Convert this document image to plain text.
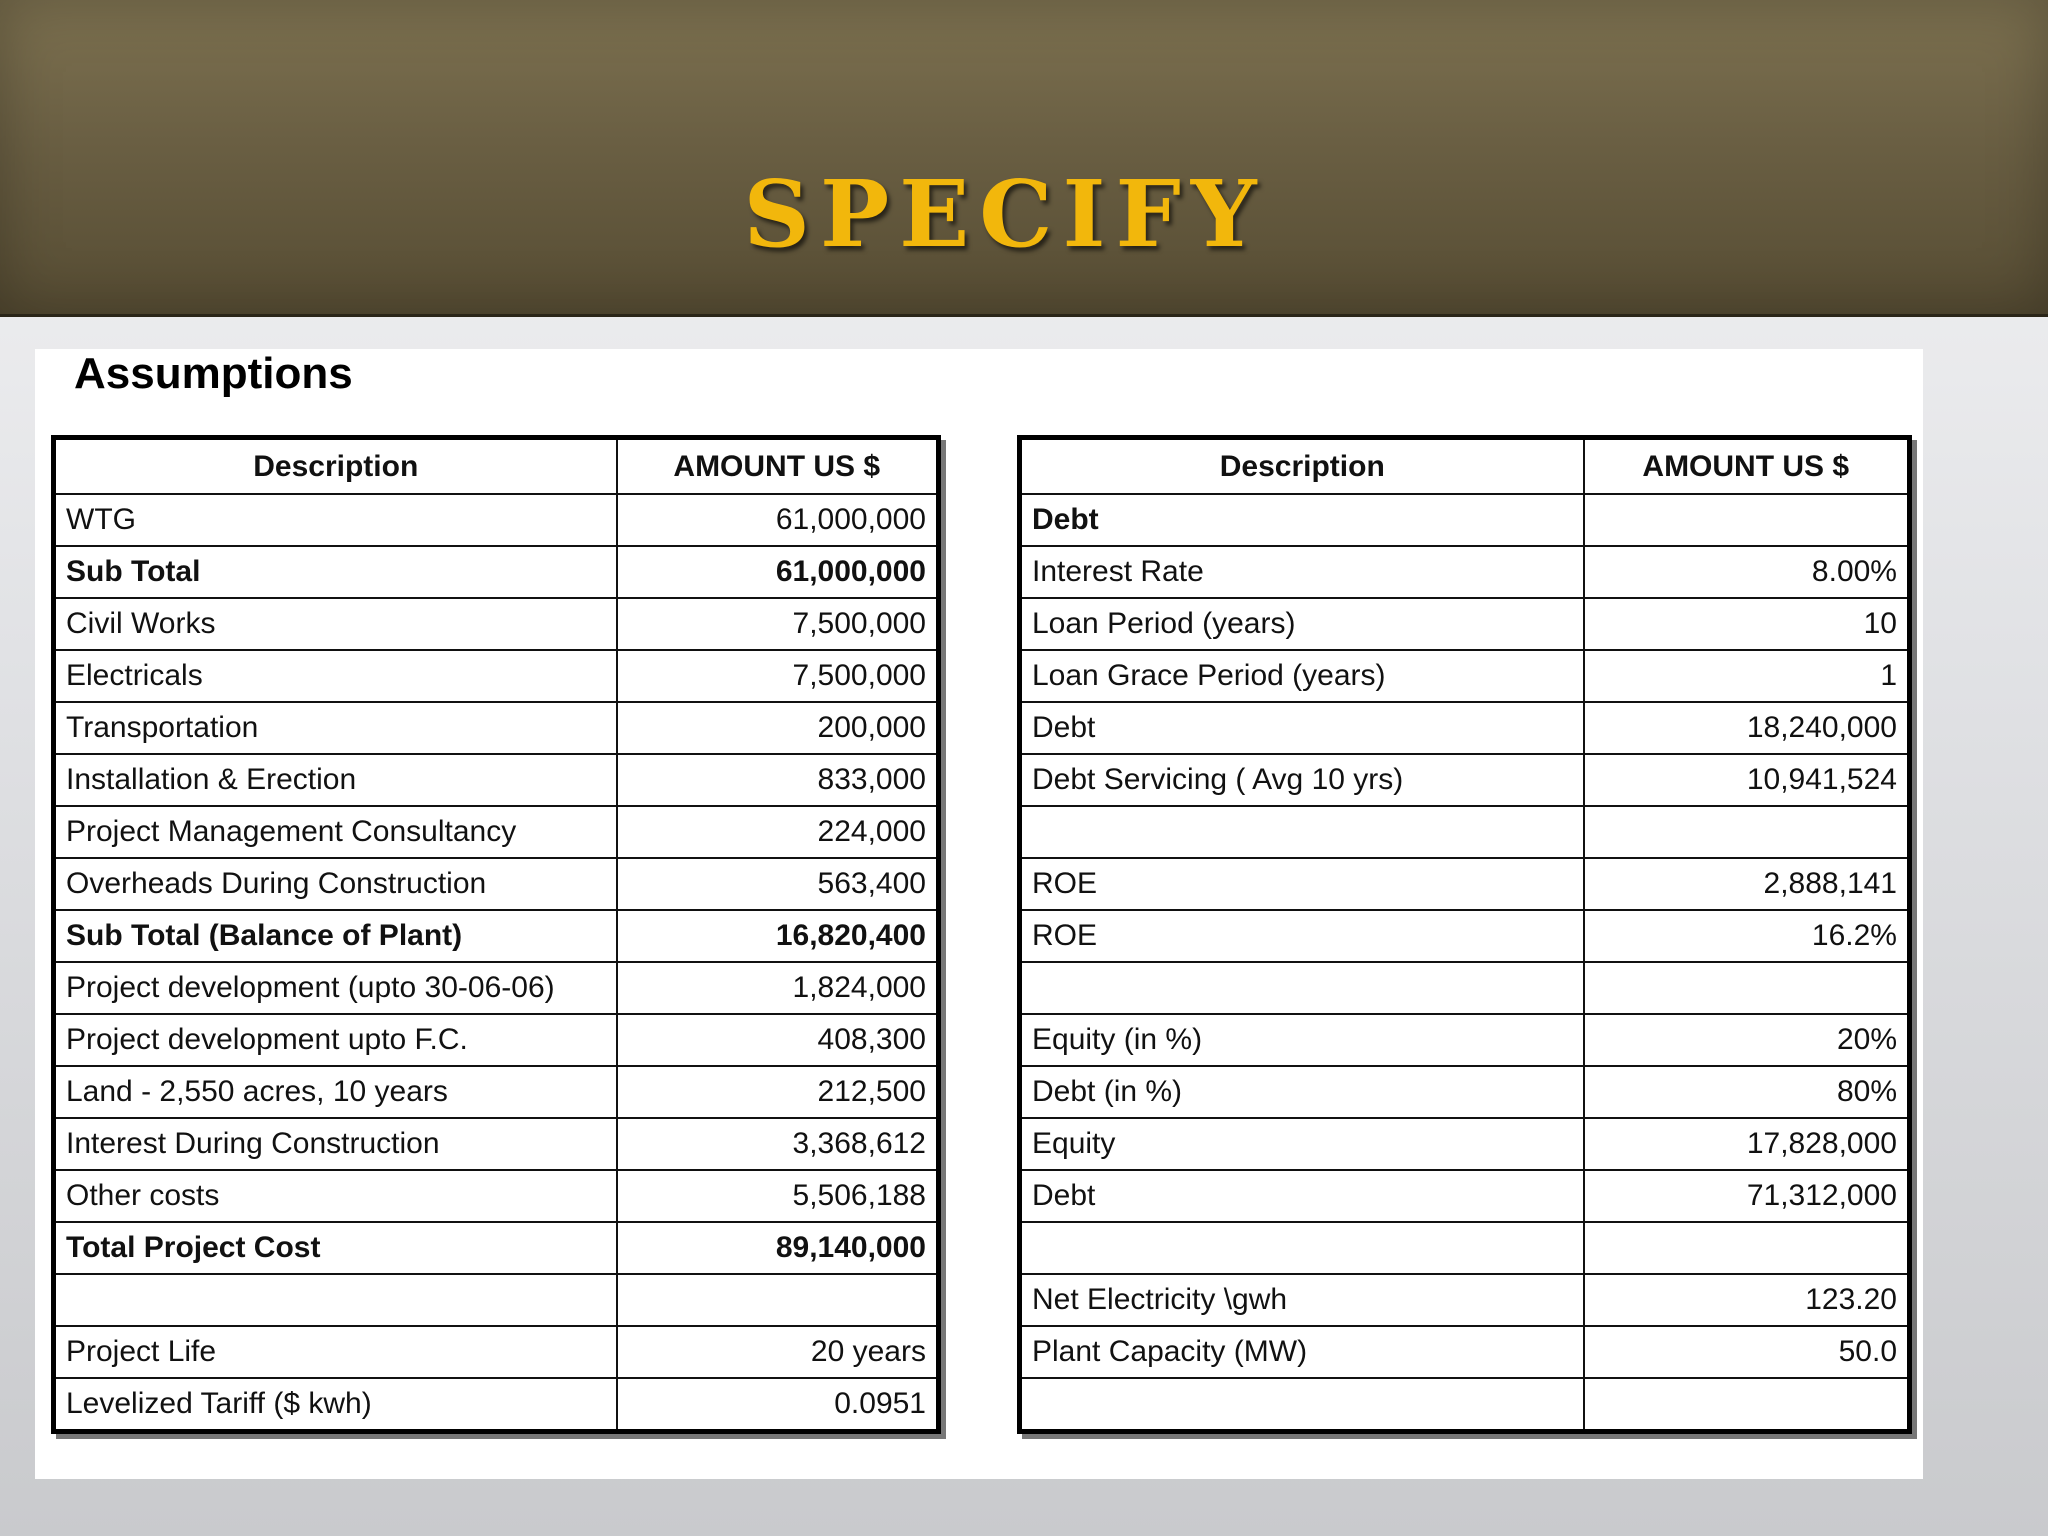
SPECIFY
Assumptions
Description	AMOUNT US $
WTG	61,000,000
Sub Total	61,000,000
Civil Works	7,500,000
Electricals	7,500,000
Transportation	200,000
Installation & Erection	833,000
Project Management Consultancy	224,000
Overheads During Construction	563,400
Sub Total (Balance of Plant)	16,820,400
Project development (upto 30-06-06)	1,824,000
Project development upto F.C.	408,300
Land - 2,550 acres, 10 years	212,500
Interest During Construction	3,368,612
Other costs	5,506,188
Total Project Cost	89,140,000

Project Life	20 years
Levelized Tariff ($ kwh)	0.0951
Description	AMOUNT US $
Debt	
Interest Rate	8.00%
Loan Period (years)	10
Loan Grace Period (years)	1
Debt	18,240,000
Debt Servicing ( Avg 10 yrs)	10,941,524

ROE	2,888,141
ROE	16.2%

Equity (in %)	20%
Debt (in %)	80%
Equity	17,828,000
Debt	71,312,000

Net Electricity \gwh	123.20
Plant Capacity (MW)	50.0
